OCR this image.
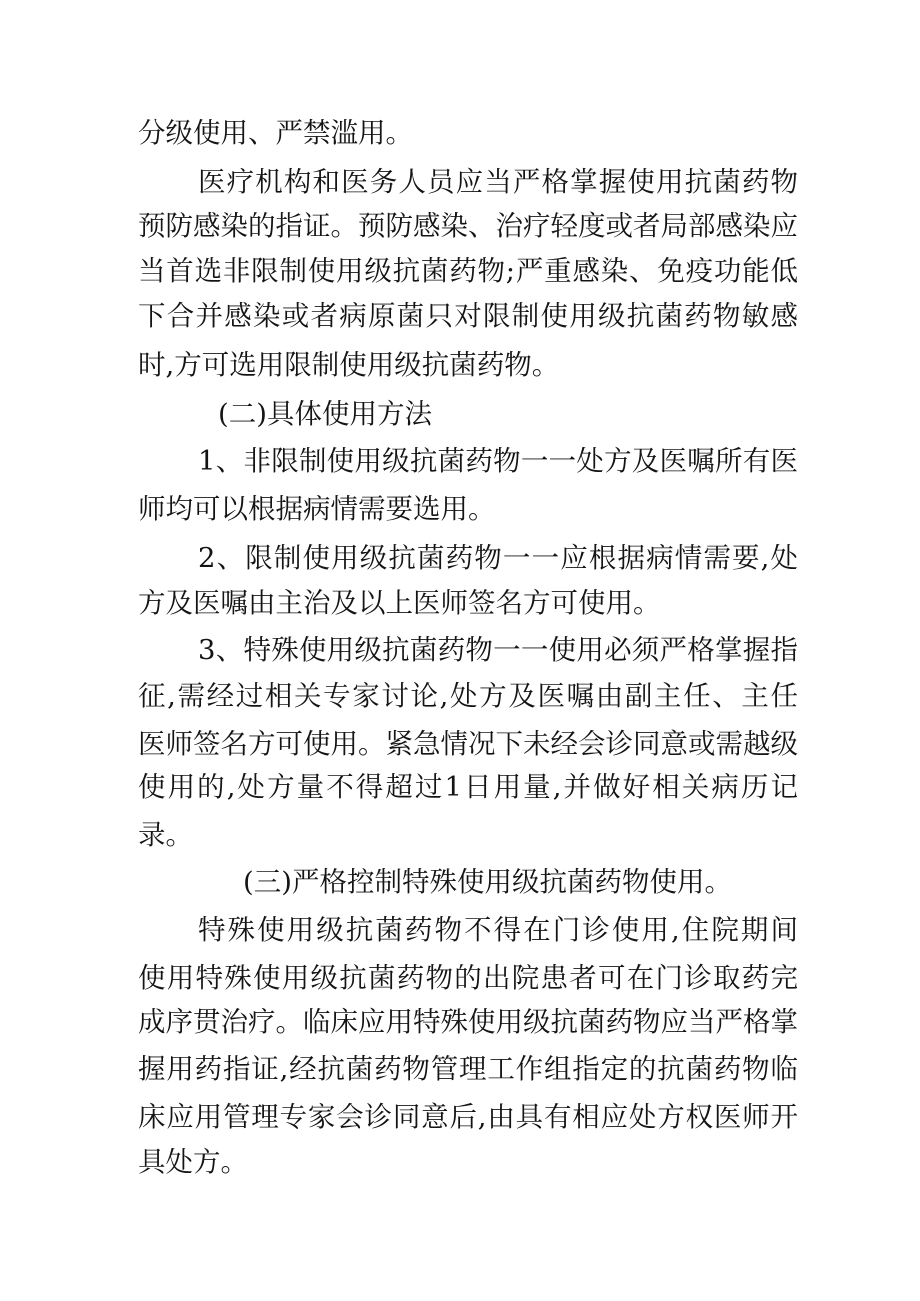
分级使用、严禁滥用。
医疗机构和医务人员应当严格掌握使用抗菌药物
预防感染的指证。预防感染、治疗轻度或者局部感染应
当首选非限制使用级抗菌药物;严重感染、免疫功能低
下合并感染或者病原菌只对限制使用级抗菌药物敏感
时,方可选用限制使用级抗菌药物。
(二)具体使用方法
1、非限制使用级抗菌药物一一处方及医嘱所有医
师均可以根据病情需要选用。
2、限制使用级抗菌药物一一应根据病情需要,处
方及医嘱由主治及以上医师签名方可使用。
3、特殊使用级抗菌药物一一使用必须严格掌握指
征,需经过相关专家讨论,处方及医嘱由副主任、主任
医师签名方可使用。紧急情况下未经会诊同意或需越级
使用的,处方量不得超过1日用量,并做好相关病历记
录。
(三)严格控制特殊使用级抗菌药物使用。
特殊使用级抗菌药物不得在门诊使用,住院期间
使用特殊使用级抗菌药物的出院患者可在门诊取药完
成序贯治疗。临床应用特殊使用级抗菌药物应当严格掌
握用药指证,经抗菌药物管理工作组指定的抗菌药物临
床应用管理专家会诊同意后,由具有相应处方权医师开
具处方。
